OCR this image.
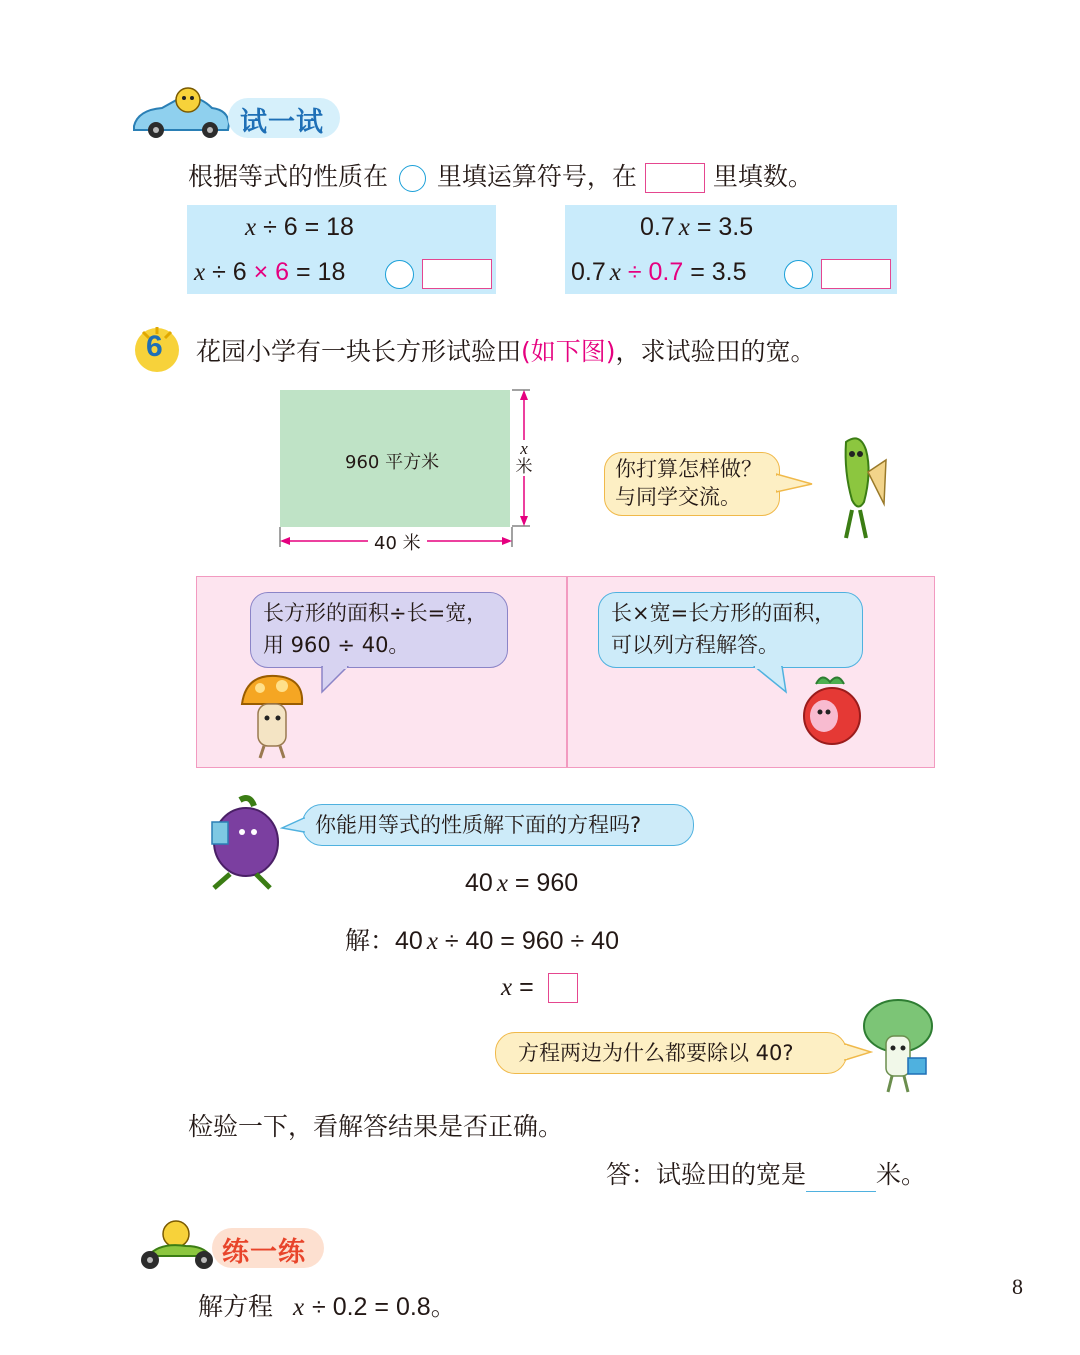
试一试
根据等式的性质在 里填运算符号，在	里填数。
x ÷ 6 = 18
x ÷ 6 × 6 = 18
0.7 x = 3.5
0.7 x ÷ 0.7 = 3.5
6 花园小学有一块长方形试验田(如下图)，求试验田的宽。
960 平方米
x
米
40 米
你打算怎样做？
与同学交流。
长方形的面积÷长=宽，
用 960 ÷ 40。
长×宽=长方形的面积，
可以列方程解答。
你能用等式的性质解下面的方程吗?
40 x = 960
解：40 x ÷ 40 = 960 ÷ 40
x =
方程两边为什么都要除以 40?
检验一下，看解答结果是否正确。
答：试验田的宽是	米。
练一练
解方程 x ÷ 0.2 = 0.8。
8
